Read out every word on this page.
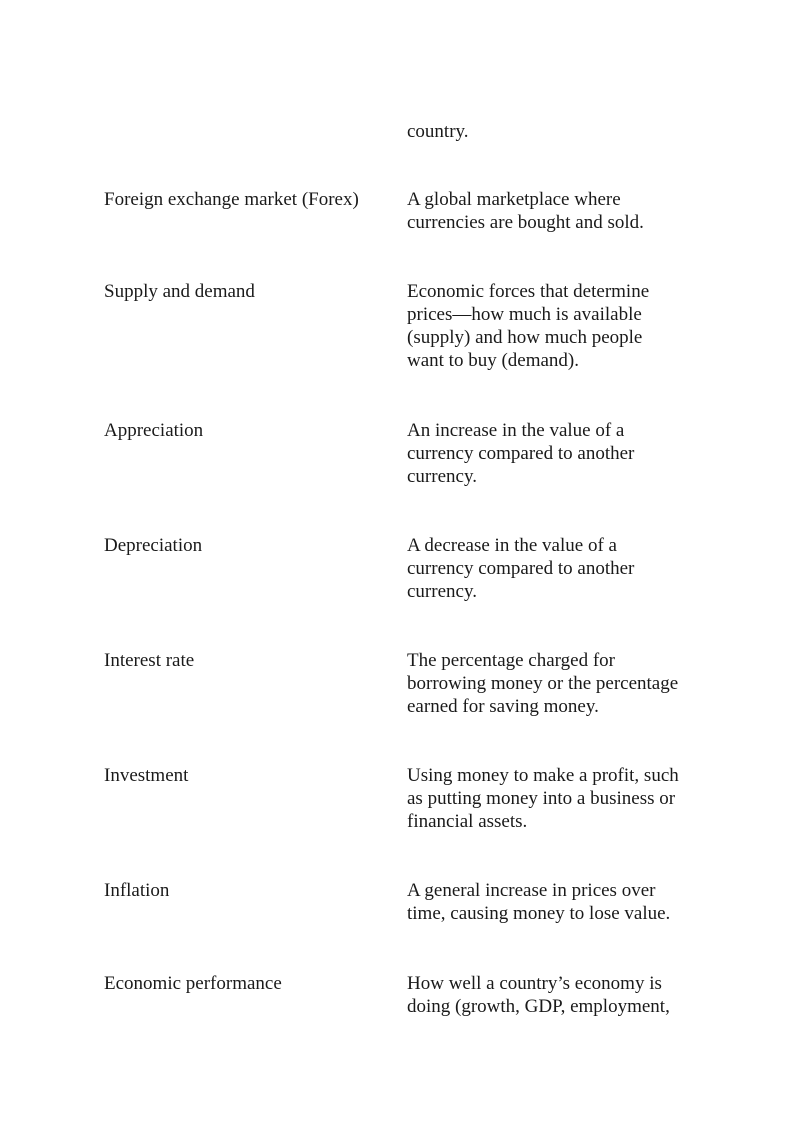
country.
Foreign exchange market (Forex)	A global marketplace where
currencies are bought and sold.
Supply and demand	Economic forces that determine
prices—how much is available
(supply) and how much people
want to buy (demand).
Appreciation	An increase in the value of a
currency compared to another
currency.
Depreciation	A decrease in the value of a
currency compared to another
currency.
Interest rate	The percentage charged for
borrowing money or the percentage
earned for saving money.
Investment	Using money to make a profit, such
as putting money into a business or
financial assets.
Inflation	A general increase in prices over
time, causing money to lose value.
Economic performance	How well a country’s economy is
doing (growth, GDP, employment,
